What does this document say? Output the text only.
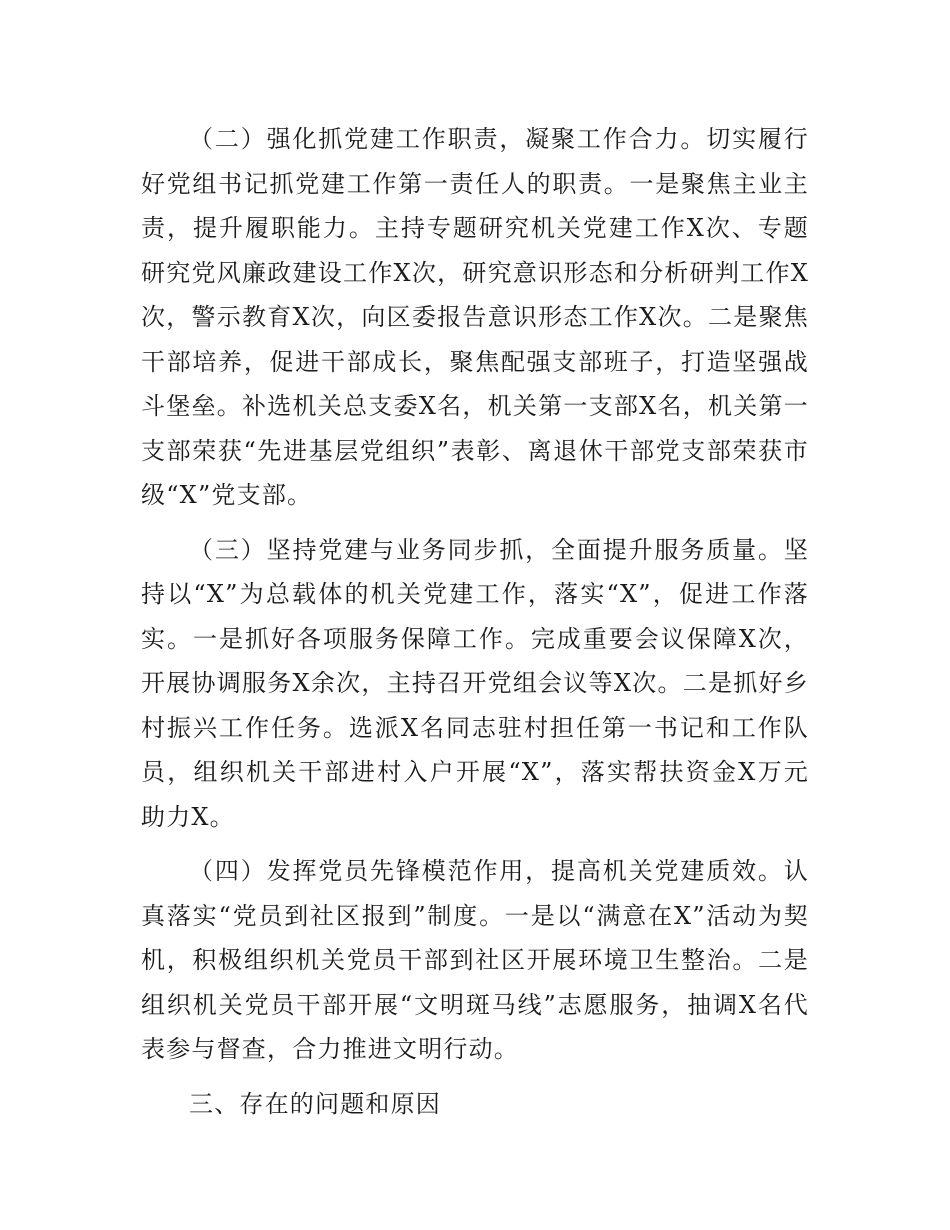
（二）强化抓党建工作职责，凝聚工作合力。切实履行好党组书记抓党建工作第一责任人的职责。一是聚焦主业主责，提升履职能力。主持专题研究机关党建工作X次、专题研究党风廉政建设工作X次，研究意识形态和分析研判工作X次，警示教育X次，向区委报告意识形态工作X次。二是聚焦干部培养，促进干部成长，聚焦配强支部班子，打造坚强战斗堡垒。补选机关总支委X名，机关第一支部X名，机关第一支部荣获“先进基层党组织”表彰、离退休干部党支部荣获市级“X”党支部。

（三）坚持党建与业务同步抓，全面提升服务质量。坚持以“X”为总载体的机关党建工作，落实“X”，促进工作落实。一是抓好各项服务保障工作。完成重要会议保障X次，开展协调服务X余次，主持召开党组会议等X次。二是抓好乡村振兴工作任务。选派X名同志驻村担任第一书记和工作队员，组织机关干部进村入户开展“X”，落实帮扶资金X万元助力X。

（四）发挥党员先锋模范作用，提高机关党建质效。认真落实“党员到社区报到”制度。一是以“满意在X”活动为契机，积极组织机关党员干部到社区开展环境卫生整治。二是组织机关党员干部开展“文明斑马线”志愿服务，抽调X名代表参与督查，合力推进文明行动。

三、存在的问题和原因
